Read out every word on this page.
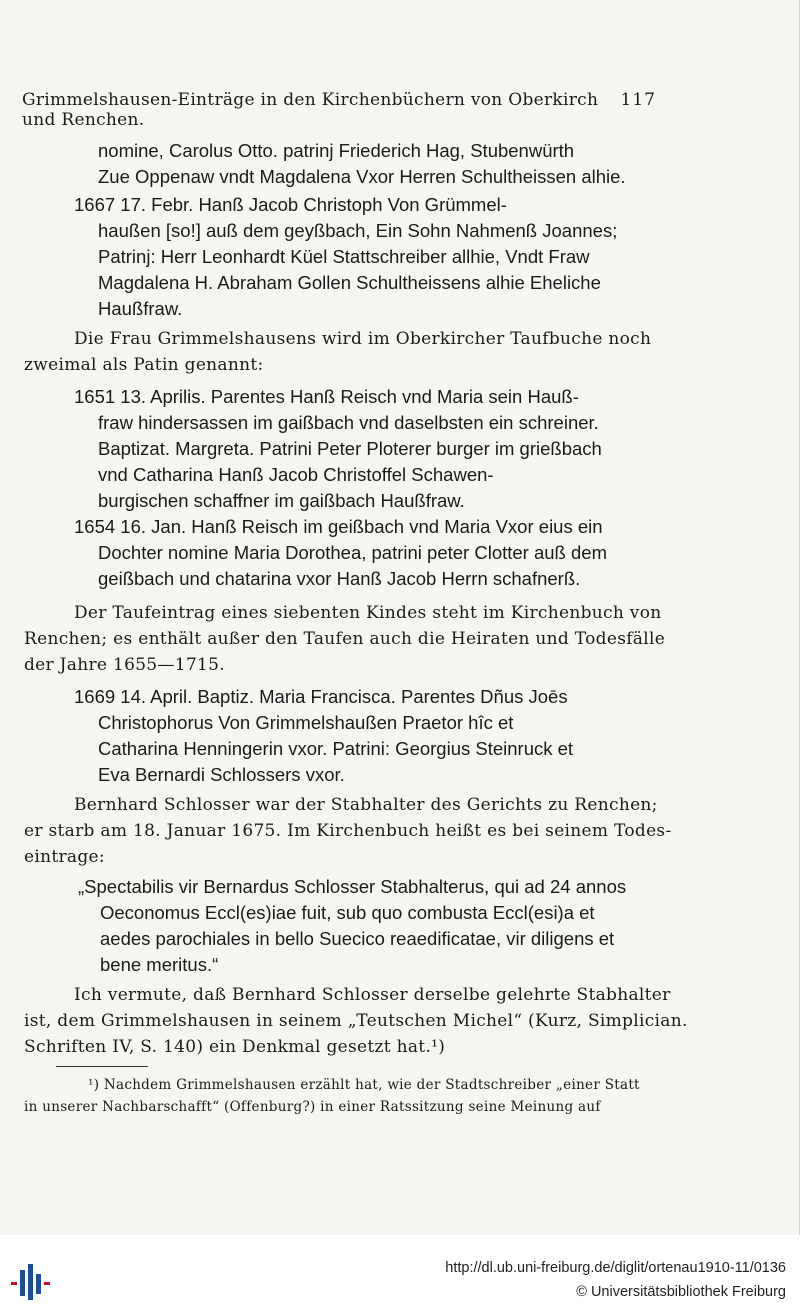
Grimmelshausen-Einträge in den Kirchenbüchern von Oberkirch und Renchen.
117
nomine, Carolus Otto. patrinj Friederich Hag, Stubenwürth
Zue Oppenaw vndt Magdalena Vxor Herren Schultheissen alhie.
1667 17. Febr. Hanß Jacob Christoph Von Grümmel-
haußen [so!] auß dem geyßbach, Ein Sohn Nahmenß Joannes;
Patrinj: Herr Leonhardt Küel Stattschreiber allhie, Vndt Fraw
Magdalena H. Abraham Gollen Schultheissens alhie Eheliche
Haußfraw.
Die Frau Grimmelshausens wird im Oberkircher Taufbuche noch
zweimal als Patin genannt:
1651 13. Aprilis. Parentes Hanß Reisch vnd Maria sein Hauß-
fraw hindersassen im gaißbach vnd daselbsten ein schreiner.
Baptizat. Margreta. Patrini Peter Ploterer burger im grießbach
vnd Catharina Hanß Jacob Christoffel Schawen-
burgischen schaffner im gaißbach Haußfraw.
1654 16. Jan. Hanß Reisch im geißbach vnd Maria Vxor eius ein
Dochter nomine Maria Dorothea, patrini peter Clotter auß dem
geißbach und chatarina vxor Hanß Jacob Herrn schafnerß.
Der Taufeintrag eines siebenten Kindes steht im Kirchenbuch von
Renchen; es enthält außer den Taufen auch die Heiraten und Todesfälle
der Jahre 1655—1715.
1669 14. April. Baptiz. Maria Francisca. Parentes Dñus Joēs
Christophorus Von Grimmelshaußen Praetor hîc et
Catharina Henningerin vxor. Patrini: Georgius Steinruck et
Eva Bernardi Schlossers vxor.
Bernhard Schlosser war der Stabhalter des Gerichts zu Renchen;
er starb am 18. Januar 1675. Im Kirchenbuch heißt es bei seinem Todes-
eintrage:
„Spectabilis vir Bernardus Schlosser Stabhalterus, qui ad 24 annos
Oeconomus Eccl(es)iae fuit, sub quo combusta Eccl(esi)a et
aedes parochiales in bello Suecico reaedificatae, vir diligens et
bene meritus.“
Ich vermute, daß Bernhard Schlosser derselbe gelehrte Stabhalter
ist, dem Grimmelshausen in seinem „Teutschen Michel“ (Kurz, Simplician.
Schriften IV, S. 140) ein Denkmal gesetzt hat.¹)
¹) Nachdem Grimmelshausen erzählt hat, wie der Stadtschreiber „einer Statt
in unserer Nachbarschafft“ (Offenburg?) in einer Ratssitzung seine Meinung auf
http://dl.ub.uni-freiburg.de/diglit/ortenau1910-11/0136
© Universitätsbibliothek Freiburg
